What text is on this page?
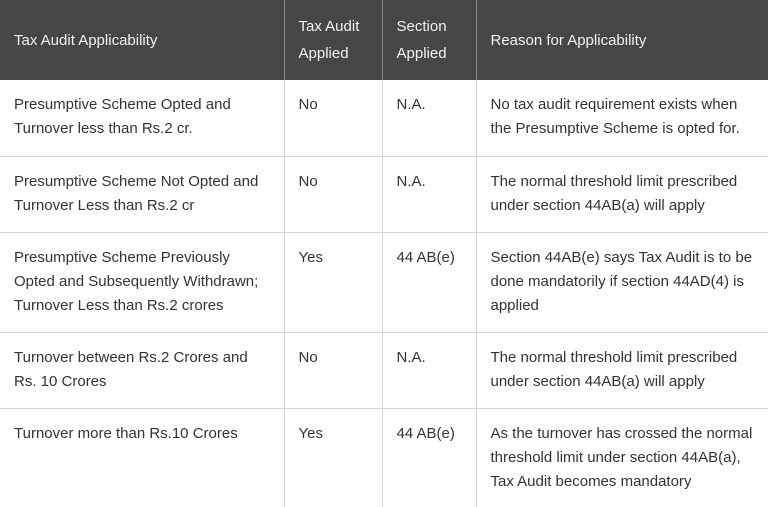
Tax Audit Applicability	Tax Audit Applied	Section Applied	Reason for Applicability
Presumptive Scheme Opted and Turnover less than Rs.2 cr.	No	N.A.	No tax audit requirement exists when the Presumptive Scheme is opted for.
Presumptive Scheme Not Opted and Turnover Less than Rs.2 cr	No	N.A.	The normal threshold limit prescribed under section 44AB(a) will apply
Presumptive Scheme Previously Opted and Subsequently Withdrawn; Turnover Less than Rs.2 crores	Yes	44 AB(e)	Section 44AB(e) says Tax Audit is to be done mandatorily if section 44AD(4) is applied
Turnover between Rs.2 Crores and Rs. 10 Crores	No	N.A.	The normal threshold limit prescribed under section 44AB(a) will apply
Turnover more than Rs.10 Crores	Yes	44 AB(e)	As the turnover has crossed the normal threshold limit under section 44AB(a), Tax Audit becomes mandatory
